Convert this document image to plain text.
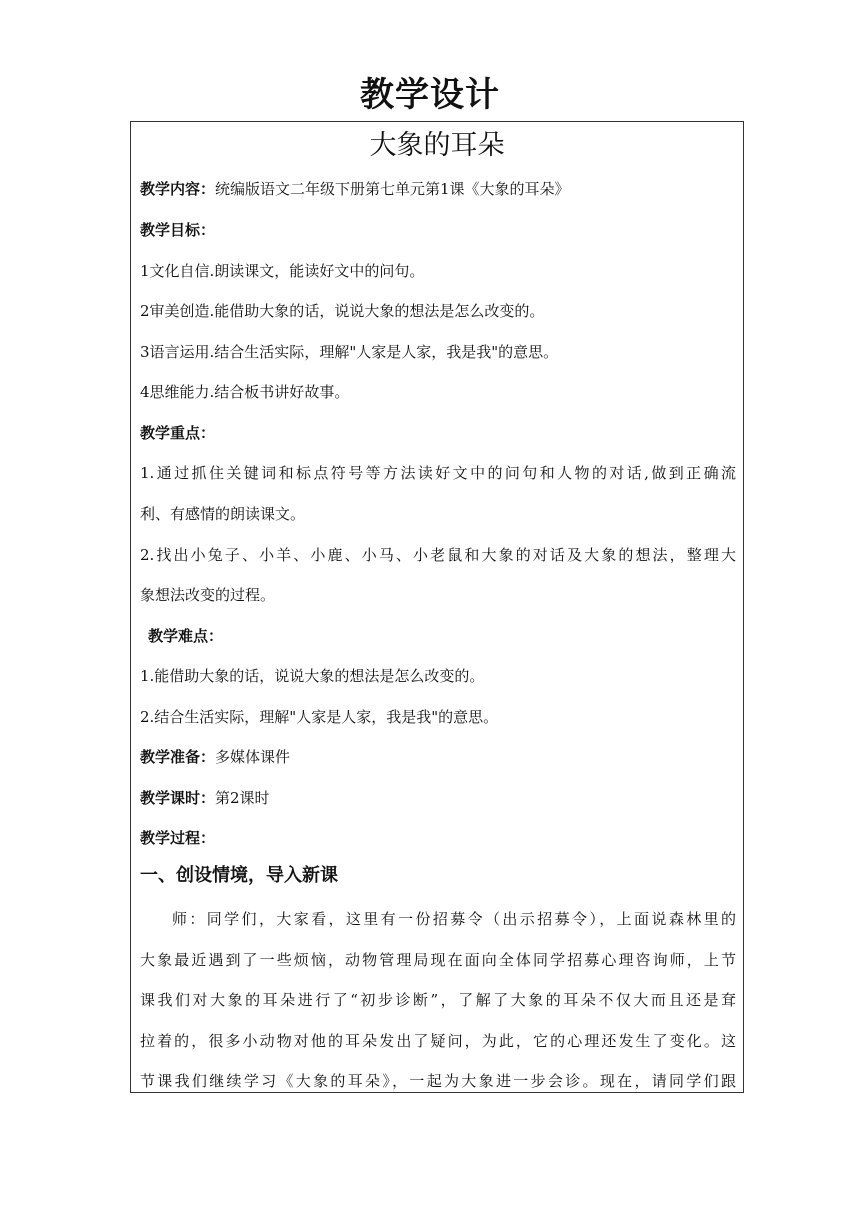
教学设计
大象的耳朵
教学内容：统编版语文二年级下册第七单元第1课《大象的耳朵》
教学目标：
1文化自信.朗读课文，能读好文中的问句。
2审美创造.能借助大象的话，说说大象的想法是怎么改变的。
3语言运用.结合生活实际，理解"人家是人家，我是我"的意思。
4思维能力.结合板书讲好故事。
教学重点：
1.通过抓住关键词和标点符号等方法读好文中的问句和人物的对话,做到正确流
利、有感情的朗读课文。
2.找出小兔子、小羊、小鹿、小马、小老鼠和大象的对话及大象的想法，整理大
象想法改变的过程。
教学难点：
1.能借助大象的话，说说大象的想法是怎么改变的。
2.结合生活实际，理解"人家是人家，我是我"的意思。
教学准备：多媒体课件
教学课时：第2课时
教学过程：
一、创设情境，导入新课
师：同学们，大家看，这里有一份招募令（出示招募令），上面说森林里的
大象最近遇到了一些烦恼，动物管理局现在面向全体同学招募心理咨询师，上节
课我们对大象的耳朵进行了“初步诊断”，了解了大象的耳朵不仅大而且还是耷
拉着的，很多小动物对他的耳朵发出了疑问，为此，它的心理还发生了变化。这
节课我们继续学习《大象的耳朵》，一起为大象进一步会诊。现在，请同学们跟
